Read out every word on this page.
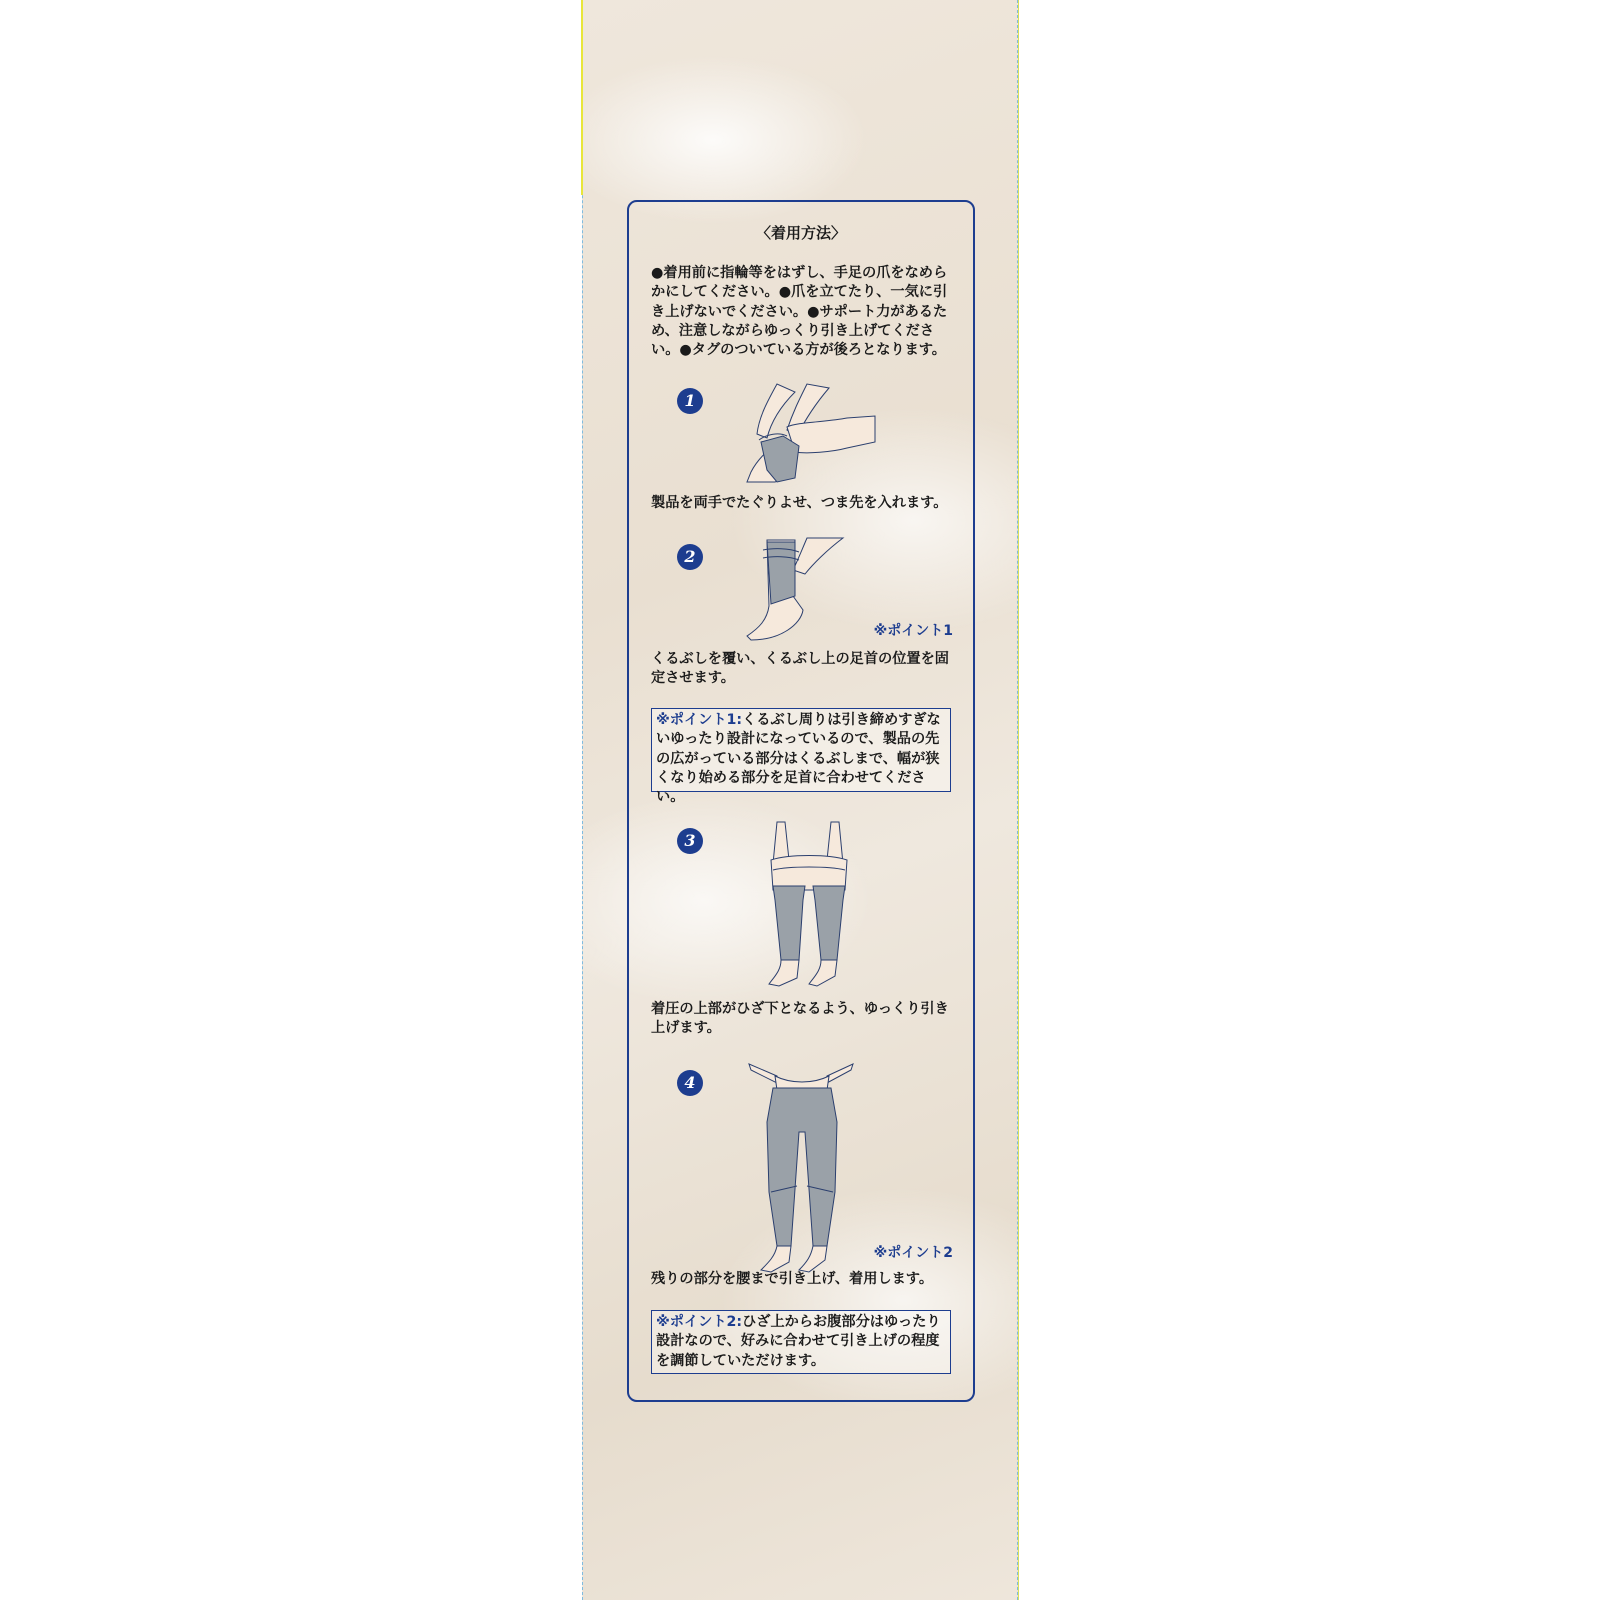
〈着用方法〉
●着用前に指輪等をはずし、手足の爪をなめらかにしてください。●爪を立てたり、一気に引き上げないでください。●サポート力があるため、注意しながらゆっくり引き上げてください。●タグのついている方が後ろとなります。
1
製品を両手でたぐりよせ、つま先を入れます。
2
※ポイント1
くるぶしを覆い、くるぶし上の足首の位置を固定させます。
※ポイント1:くるぶし周りは引き締めすぎないゆったり設計になっているので、製品の先の広がっている部分はくるぶしまで、幅が狭くなり始める部分を足首に合わせてください。
3
着圧の上部がひざ下となるよう、ゆっくり引き上げます。
4
※ポイント2
残りの部分を腰まで引き上げ、着用します。
※ポイント2:ひざ上からお腹部分はゆったり設計なので、好みに合わせて引き上げの程度を調節していただけます。
